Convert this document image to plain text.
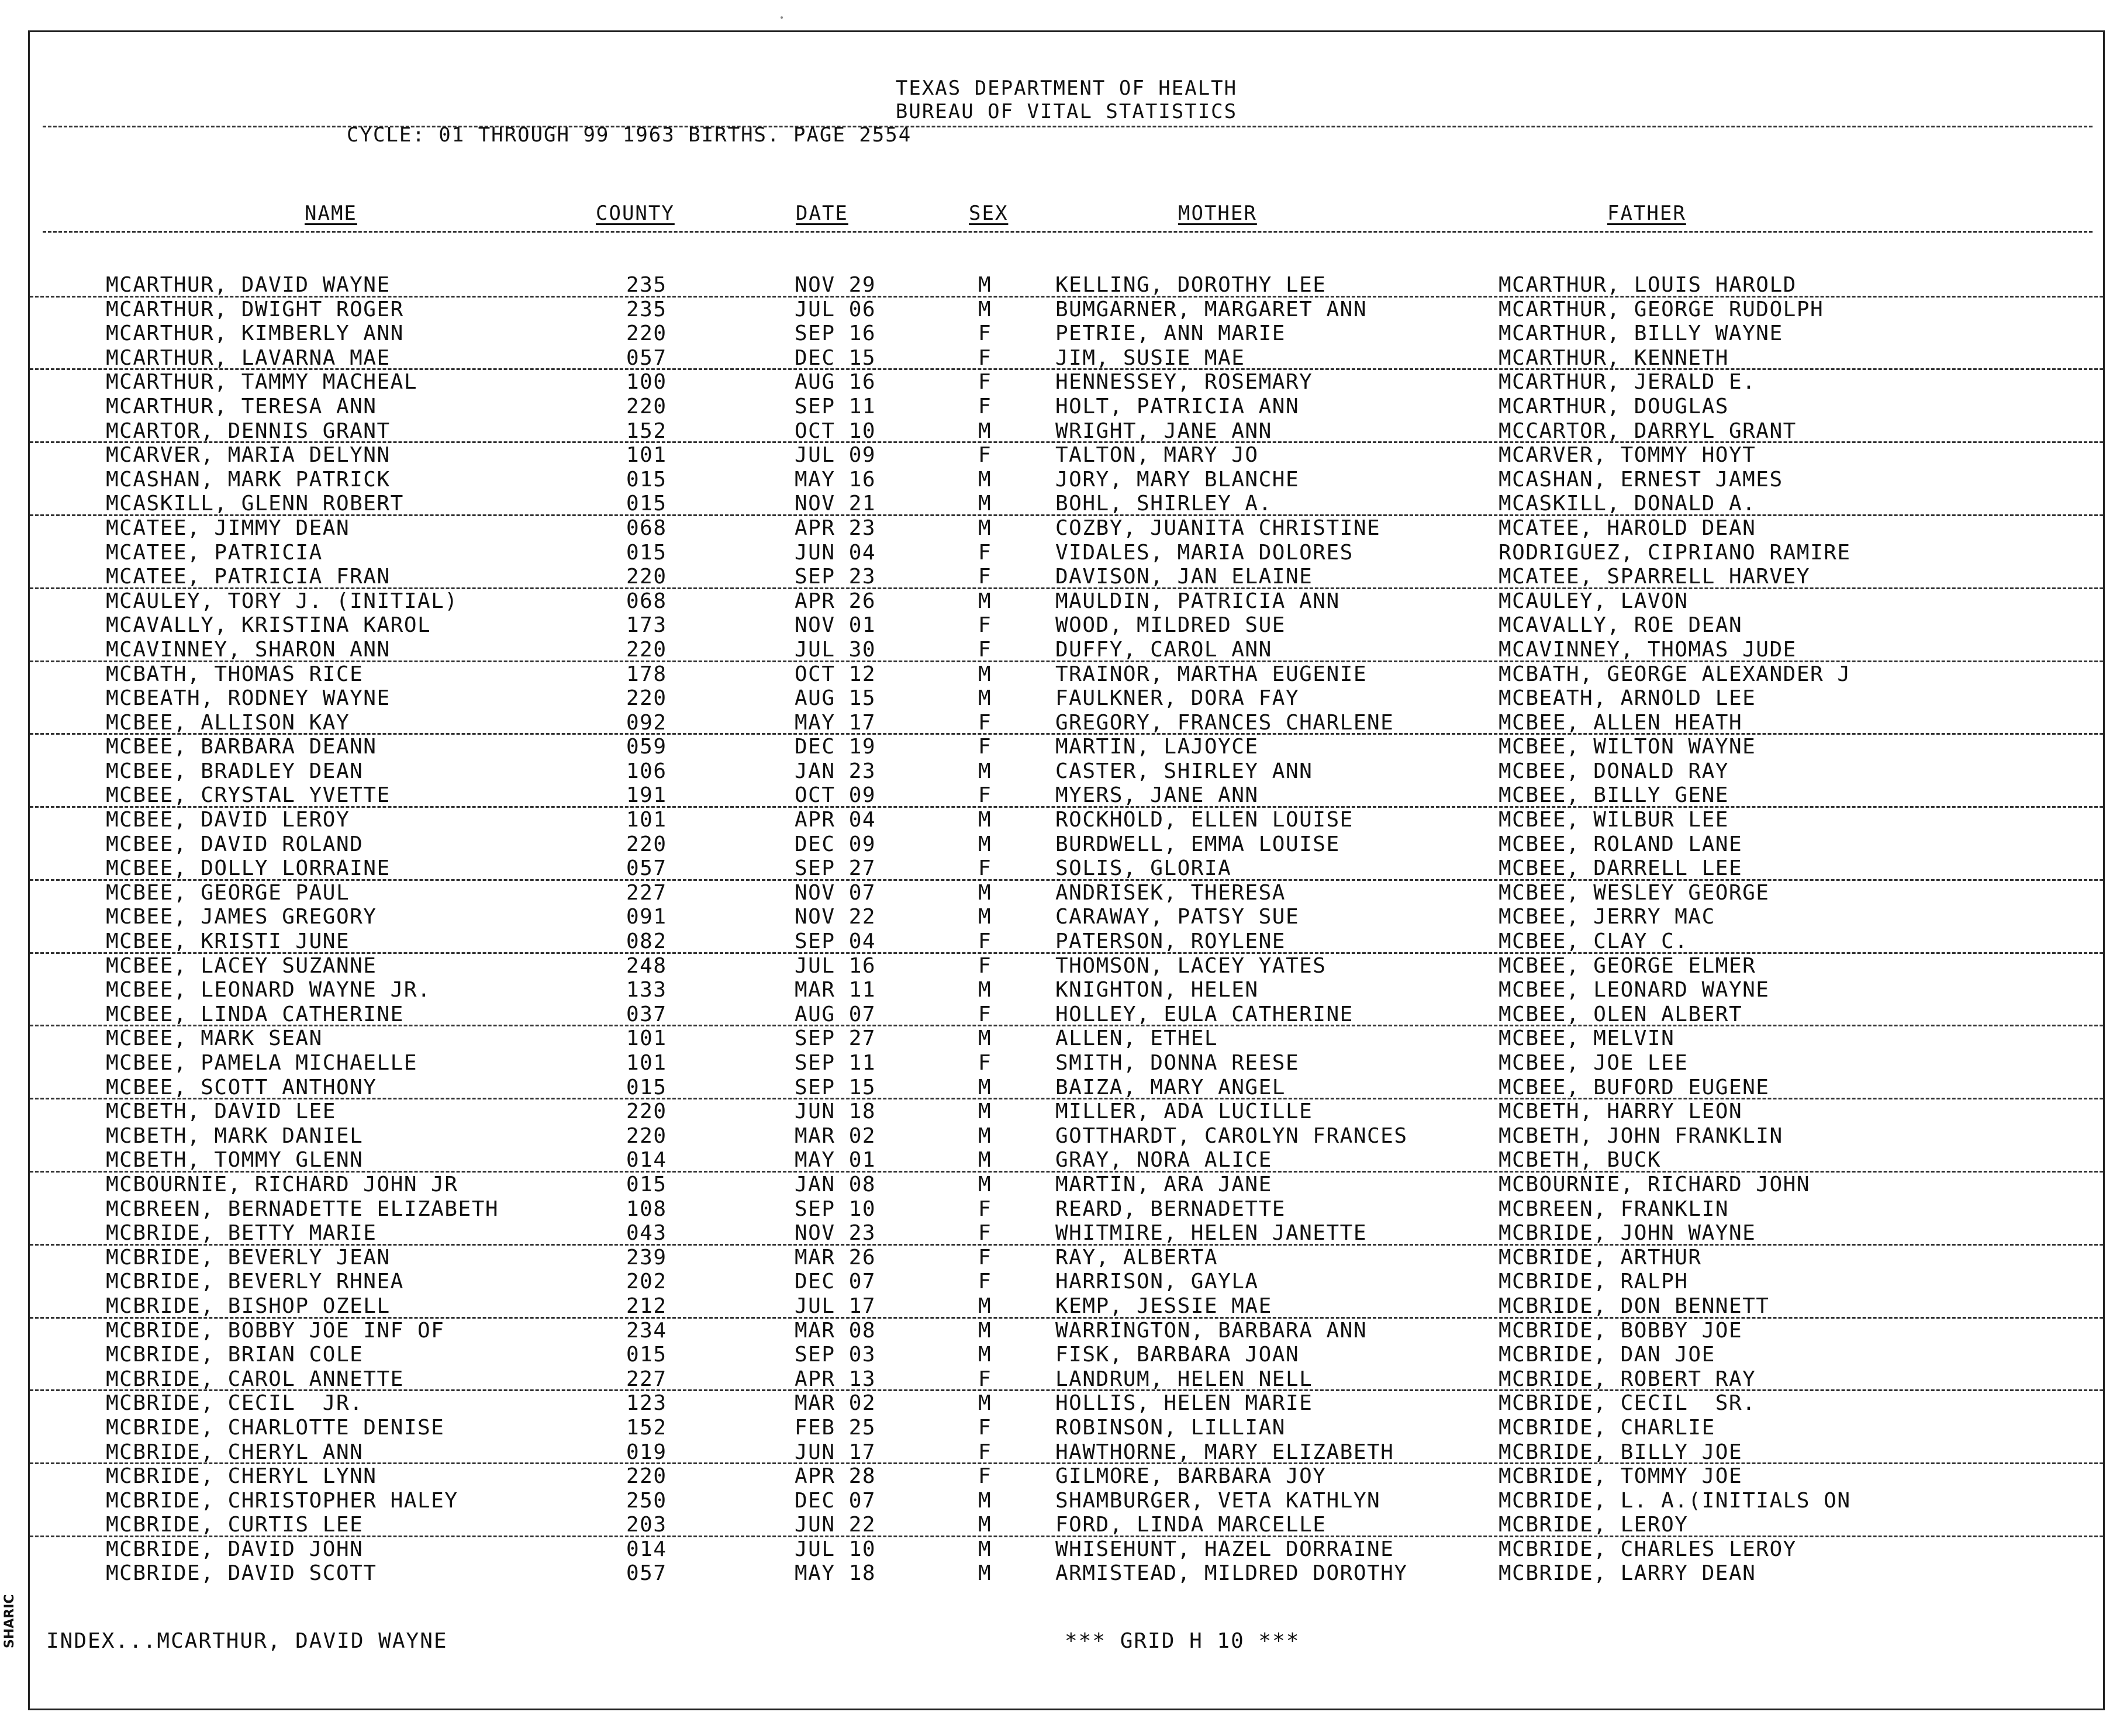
TEXAS DEPARTMENT OF HEALTH
BUREAU OF VITAL STATISTICS
CYCLE: 01 THROUGH 99 1963 BIRTHS. PAGE 2554
NAME	COUNTY	DATE	SEX	MOTHER	FATHER
MCARTHUR, DAVID WAYNE	235	NOV 29	M	KELLING, DOROTHY LEE	MCARTHUR, LOUIS HAROLD
MCARTHUR, DWIGHT ROGER	235	JUL 06	M	BUMGARNER, MARGARET ANN	MCARTHUR, GEORGE RUDOLPH
MCARTHUR, KIMBERLY ANN	220	SEP 16	F	PETRIE, ANN MARIE	MCARTHUR, BILLY WAYNE
MCARTHUR, LAVARNA MAE	057	DEC 15	F	JIM, SUSIE MAE	MCARTHUR, KENNETH
MCARTHUR, TAMMY MACHEAL	100	AUG 16	F	HENNESSEY, ROSEMARY	MCARTHUR, JERALD E.
MCARTHUR, TERESA ANN	220	SEP 11	F	HOLT, PATRICIA ANN	MCARTHUR, DOUGLAS
MCARTOR, DENNIS GRANT	152	OCT 10	M	WRIGHT, JANE ANN	MCCARTOR, DARRYL GRANT
MCARVER, MARIA DELYNN	101	JUL 09	F	TALTON, MARY JO	MCARVER, TOMMY HOYT
MCASHAN, MARK PATRICK	015	MAY 16	M	JORY, MARY BLANCHE	MCASHAN, ERNEST JAMES
MCASKILL, GLENN ROBERT	015	NOV 21	M	BOHL, SHIRLEY A.	MCASKILL, DONALD A.
MCATEE, JIMMY DEAN	068	APR 23	M	COZBY, JUANITA CHRISTINE	MCATEE, HAROLD DEAN
MCATEE, PATRICIA	015	JUN 04	F	VIDALES, MARIA DOLORES	RODRIGUEZ, CIPRIANO RAMIRE
MCATEE, PATRICIA FRAN	220	SEP 23	F	DAVISON, JAN ELAINE	MCATEE, SPARRELL HARVEY
MCAULEY, TORY J. (INITIAL)	068	APR 26	M	MAULDIN, PATRICIA ANN	MCAULEY, LAVON
MCAVALLY, KRISTINA KAROL	173	NOV 01	F	WOOD, MILDRED SUE	MCAVALLY, ROE DEAN
MCAVINNEY, SHARON ANN	220	JUL 30	F	DUFFY, CAROL ANN	MCAVINNEY, THOMAS JUDE
MCBATH, THOMAS RICE	178	OCT 12	M	TRAINOR, MARTHA EUGENIE	MCBATH, GEORGE ALEXANDER J
MCBEATH, RODNEY WAYNE	220	AUG 15	M	FAULKNER, DORA FAY	MCBEATH, ARNOLD LEE
MCBEE, ALLISON KAY	092	MAY 17	F	GREGORY, FRANCES CHARLENE	MCBEE, ALLEN HEATH
MCBEE, BARBARA DEANN	059	DEC 19	F	MARTIN, LAJOYCE	MCBEE, WILTON WAYNE
MCBEE, BRADLEY DEAN	106	JAN 23	M	CASTER, SHIRLEY ANN	MCBEE, DONALD RAY
MCBEE, CRYSTAL YVETTE	191	OCT 09	F	MYERS, JANE ANN	MCBEE, BILLY GENE
MCBEE, DAVID LEROY	101	APR 04	M	ROCKHOLD, ELLEN LOUISE	MCBEE, WILBUR LEE
MCBEE, DAVID ROLAND	220	DEC 09	M	BURDWELL, EMMA LOUISE	MCBEE, ROLAND LANE
MCBEE, DOLLY LORRAINE	057	SEP 27	F	SOLIS, GLORIA	MCBEE, DARRELL LEE
MCBEE, GEORGE PAUL	227	NOV 07	M	ANDRISEK, THERESA	MCBEE, WESLEY GEORGE
MCBEE, JAMES GREGORY	091	NOV 22	M	CARAWAY, PATSY SUE	MCBEE, JERRY MAC
MCBEE, KRISTI JUNE	082	SEP 04	F	PATERSON, ROYLENE	MCBEE, CLAY C.
MCBEE, LACEY SUZANNE	248	JUL 16	F	THOMSON, LACEY YATES	MCBEE, GEORGE ELMER
MCBEE, LEONARD WAYNE JR.	133	MAR 11	M	KNIGHTON, HELEN	MCBEE, LEONARD WAYNE
MCBEE, LINDA CATHERINE	037	AUG 07	F	HOLLEY, EULA CATHERINE	MCBEE, OLEN ALBERT
MCBEE, MARK SEAN	101	SEP 27	M	ALLEN, ETHEL	MCBEE, MELVIN
MCBEE, PAMELA MICHAELLE	101	SEP 11	F	SMITH, DONNA REESE	MCBEE, JOE LEE
MCBEE, SCOTT ANTHONY	015	SEP 15	M	BAIZA, MARY ANGEL	MCBEE, BUFORD EUGENE
MCBETH, DAVID LEE	220	JUN 18	M	MILLER, ADA LUCILLE	MCBETH, HARRY LEON
MCBETH, MARK DANIEL	220	MAR 02	M	GOTTHARDT, CAROLYN FRANCES	MCBETH, JOHN FRANKLIN
MCBETH, TOMMY GLENN	014	MAY 01	M	GRAY, NORA ALICE	MCBETH, BUCK
MCBOURNIE, RICHARD JOHN JR	015	JAN 08	M	MARTIN, ARA JANE	MCBOURNIE, RICHARD JOHN
MCBREEN, BERNADETTE ELIZABETH	108	SEP 10	F	REARD, BERNADETTE	MCBREEN, FRANKLIN
MCBRIDE, BETTY MARIE	043	NOV 23	F	WHITMIRE, HELEN JANETTE	MCBRIDE, JOHN WAYNE
MCBRIDE, BEVERLY JEAN	239	MAR 26	F	RAY, ALBERTA	MCBRIDE, ARTHUR
MCBRIDE, BEVERLY RHNEA	202	DEC 07	F	HARRISON, GAYLA	MCBRIDE, RALPH
MCBRIDE, BISHOP OZELL	212	JUL 17	M	KEMP, JESSIE MAE	MCBRIDE, DON BENNETT
MCBRIDE, BOBBY JOE INF OF	234	MAR 08	M	WARRINGTON, BARBARA ANN	MCBRIDE, BOBBY JOE
MCBRIDE, BRIAN COLE	015	SEP 03	M	FISK, BARBARA JOAN	MCBRIDE, DAN JOE
MCBRIDE, CAROL ANNETTE	227	APR 13	F	LANDRUM, HELEN NELL	MCBRIDE, ROBERT RAY
MCBRIDE, CECIL  JR.	123	MAR 02	M	HOLLIS, HELEN MARIE	MCBRIDE, CECIL  SR.
MCBRIDE, CHARLOTTE DENISE	152	FEB 25	F	ROBINSON, LILLIAN	MCBRIDE, CHARLIE
MCBRIDE, CHERYL ANN	019	JUN 17	F	HAWTHORNE, MARY ELIZABETH	MCBRIDE, BILLY JOE
MCBRIDE, CHERYL LYNN	220	APR 28	F	GILMORE, BARBARA JOY	MCBRIDE, TOMMY JOE
MCBRIDE, CHRISTOPHER HALEY	250	DEC 07	M	SHAMBURGER, VETA KATHLYN	MCBRIDE, L. A.(INITIALS ON
MCBRIDE, CURTIS LEE	203	JUN 22	M	FORD, LINDA MARCELLE	MCBRIDE, LEROY
MCBRIDE, DAVID JOHN	014	JUL 10	M	WHISEHUNT, HAZEL DORRAINE	MCBRIDE, CHARLES LEROY
MCBRIDE, DAVID SCOTT	057	MAY 18	M	ARMISTEAD, MILDRED DOROTHY	MCBRIDE, LARRY DEAN
INDEX...MCARTHUR, DAVID WAYNE	*** GRID H 10 ***
SHARIC
